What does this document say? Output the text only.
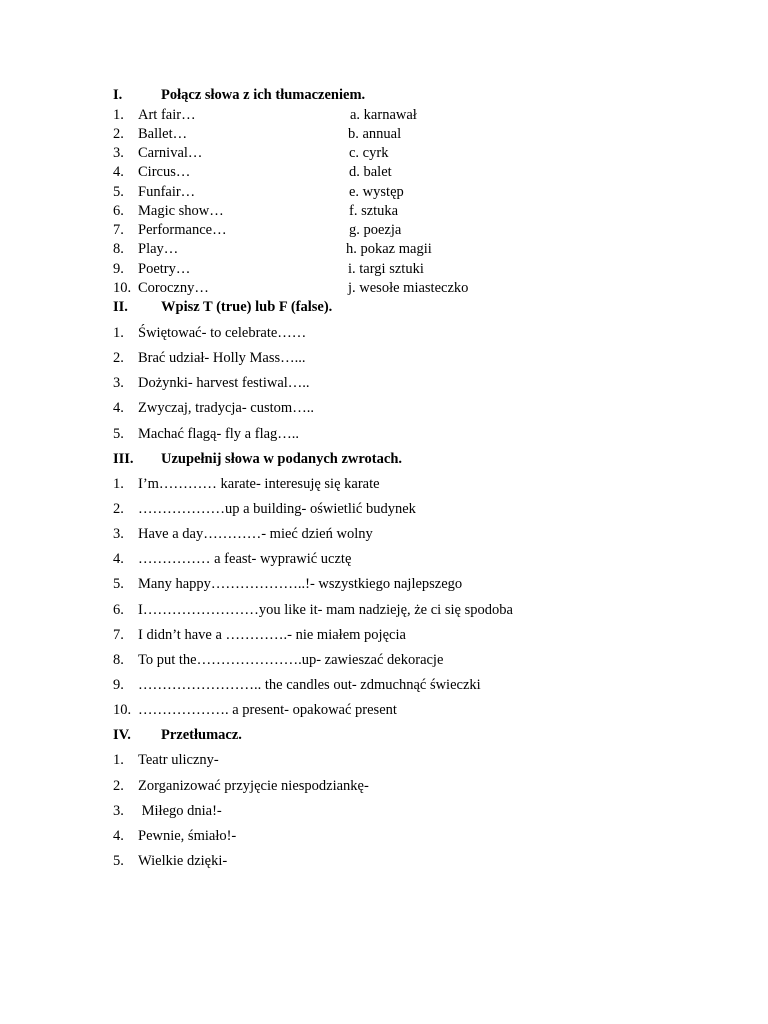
I.	Połącz słowa z ich tłumaczeniem.
1. Art fair…	a. karnawał
2. Ballet…	b. annual
3. Carnival…	c. cyrk
4. Circus…	d. balet
5. Funfair…	e. występ
6. Magic show…	f. sztuka
7. Performance…	g. poezja
8. Play…	h. pokaz magii
9. Poetry…	i. targi sztuki
10. Coroczny…	j. wesołe miasteczko
II. Wpisz T (true) lub F (false).
1. Świętować- to celebrate……
2. Brać udział- Holly Mass…...
3. Dożynki- harvest festiwal…..
4. Zwyczaj, tradycja- custom…..
5. Machać flagą- fly a flag…..
III. Uzupełnij słowa w podanych zwrotach.
1. I’m………… karate- interesuję się karate
2. ………………up a building- oświetlić budynek
3. Have a day…………- mieć dzień wolny
4. …………… a feast- wyprawić ucztę
5. Many happy………………..!- wszystkiego najlepszego
6. I……………………you like it- mam nadzieję, że ci się spodoba
7. I didn’t have a ………….- nie miałem pojęcia
8. To put the………………….up- zawieszać dekoracje
9. …………………….. the candles out- zdmuchnąć świeczki
10. ………………. a present- opakować present
IV. Przetłumacz.
1. Teatr uliczny-
2. Zorganizować przyjęcie niespodziankę-
3. Miłego dnia!-
4. Pewnie, śmiało!-
5. Wielkie dzięki-
